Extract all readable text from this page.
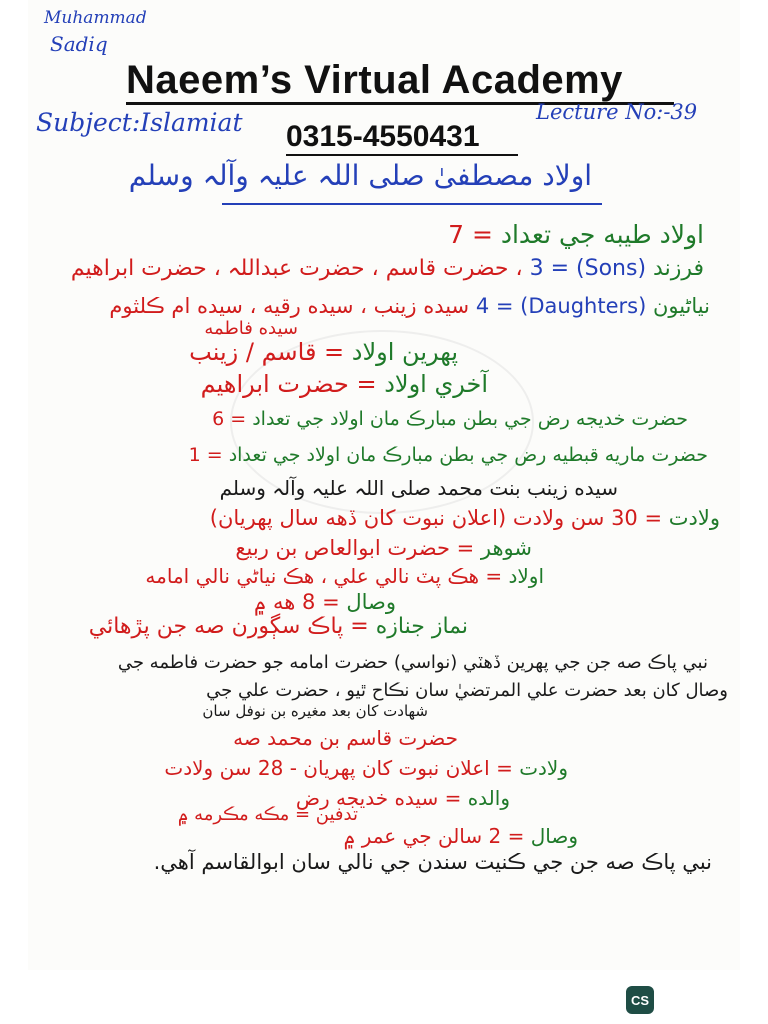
Muhammad
Sadiq
Naeem’s Virtual Academy
Subject:Islamiat	Lecture No:-39
0315-4550431
اولاد مصطفیٰ صلی اللہ علیہ وآلہ وسلم
اولاد طيبه جي تعداد = 7
فرزند (Sons) = 3 ، حضرت قاسم ، حضرت عبداللہ ، حضرت ابراهيم
نياڻيون (Daughters) = 4 سيده زينب ، سيده رقيه ، سيده ام ڪلثوم
سيده فاطمه
پهرين اولاد = قاسم / زينب
آخري اولاد = حضرت ابراهيم
حضرت خديجه رض جي بطن مبارڪ مان اولاد جي تعداد = 6
حضرت ماريه قبطيه رض جي بطن مبارڪ مان اولاد جي تعداد = 1
سيده زينب بنت محمد صلی اللہ علیہ وآلہ وسلم
ولادت = 30 سن ولادت (اعلان نبوت کان ڏهه سال پهريان)
شوهر = حضرت ابوالعاص بن ربيع
اولاد = هڪ پٽ نالي علي ، هڪ نياڻي نالي امامه
وصال = 8 هه ۾
نماز جنازه = پاڪ سڳورن صه جن پڙهائي
نبي پاڪ صه جن جي پهرين ڏهٽي (نواسي) حضرت امامه جو حضرت فاطمه جي
وصال کان بعد حضرت علي المرتضيٰ سان نڪاح ٿيو ، حضرت علي جي
شهادت کان بعد مغيره بن نوفل سان
حضرت قاسم بن محمد صه
ولادت = اعلان نبوت کان پهريان - 28 سن ولادت
والده = سيده خديجه رض
تدفين = مڪه مڪرمه ۾
وصال = 2 سالن جي عمر ۾
نبي پاڪ صه جن جي ڪنيت سندن جي نالي سان ابوالقاسم آهي.
CS
